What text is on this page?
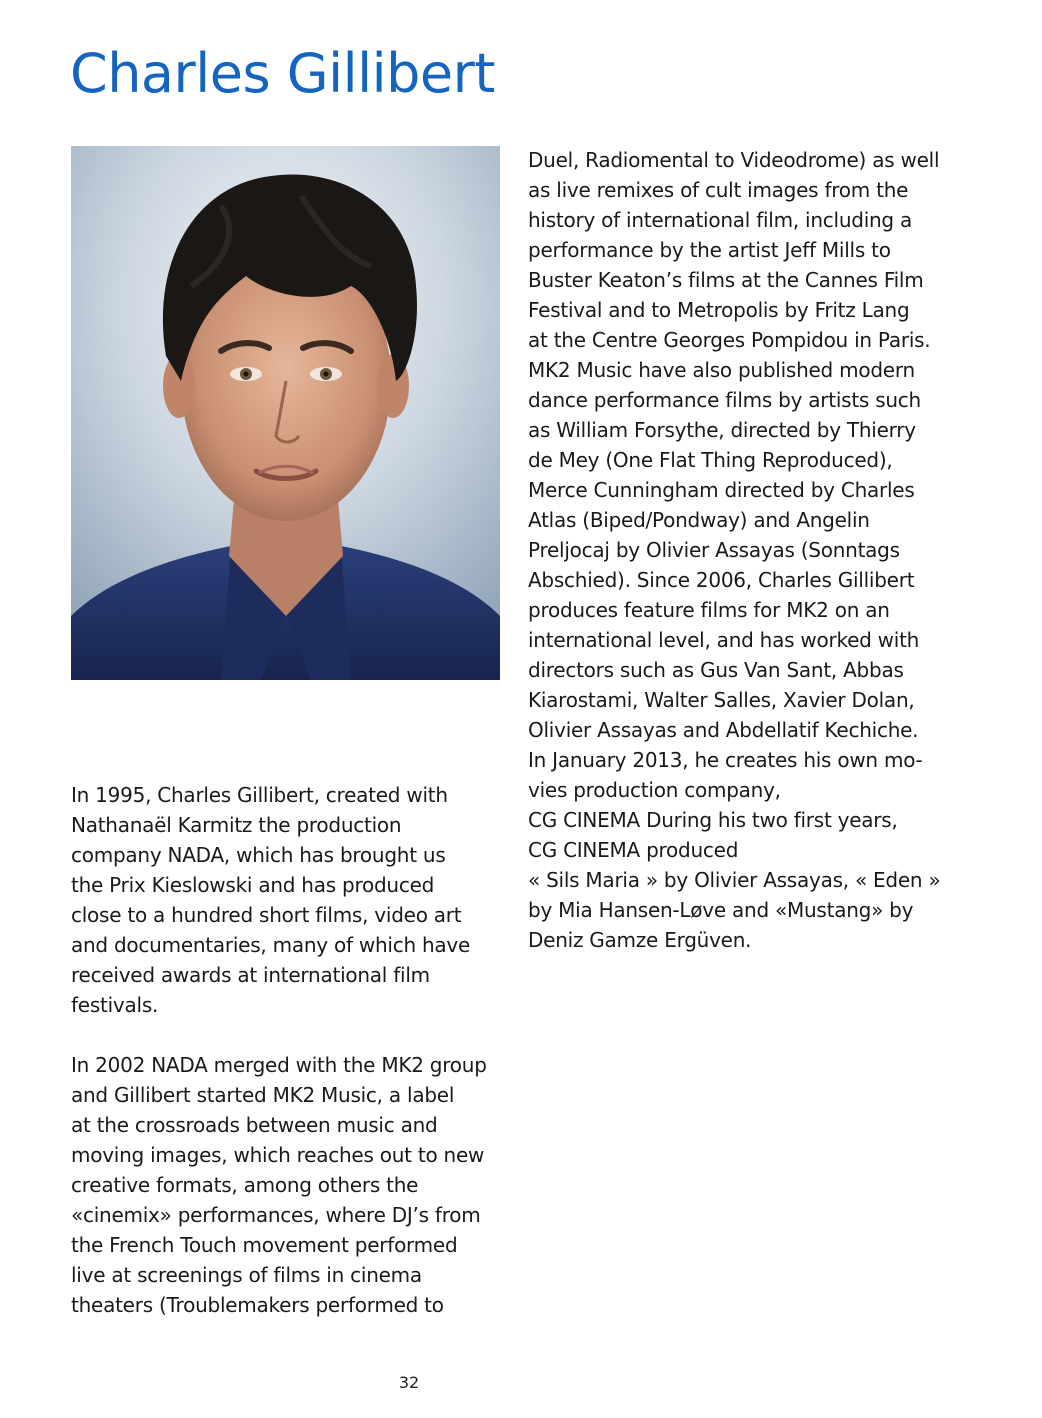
Charles Gillibert
In 1995, Charles Gillibert, created with
Nathanaël Karmitz the production
company NADA, which has brought us
the Prix Kieslowski and has produced
close to a hundred short films, video art
and documentaries, many of which have
received awards at international film
festivals.
In 2002 NADA merged with the MK2 group
and Gillibert started MK2 Music, a label
at the crossroads between music and
moving images, which reaches out to new
creative formats, among others the
«cinemix» performances, where DJ’s from
the French Touch movement performed
live at screenings of films in cinema
theaters (Troublemakers performed to
Duel, Radiomental to Videodrome) as well
as live remixes of cult images from the
history of international film, including a
performance by the artist Jeff Mills to
Buster Keaton’s films at the Cannes Film
Festival and to Metropolis by Fritz Lang
at the Centre Georges Pompidou in Paris.
MK2 Music have also published modern
dance performance films by artists such
as William Forsythe, directed by Thierry
de Mey (One Flat Thing Reproduced),
Merce Cunningham directed by Charles
Atlas (Biped/Pondway) and Angelin
Preljocaj by Olivier Assayas (Sonntags
Abschied). Since 2006, Charles Gillibert
produces feature films for MK2 on an
international level, and has worked with
directors such as Gus Van Sant, Abbas
Kiarostami, Walter Salles, Xavier Dolan,
Olivier Assayas and Abdellatif Kechiche.
In January 2013, he creates his own mo-
vies production company,
CG CINEMA During his two first years,
CG CINEMA produced
« Sils Maria » by Olivier Assayas, « Eden »
by Mia Hansen-Løve and «Mustang» by
Deniz Gamze Ergüven.
32
